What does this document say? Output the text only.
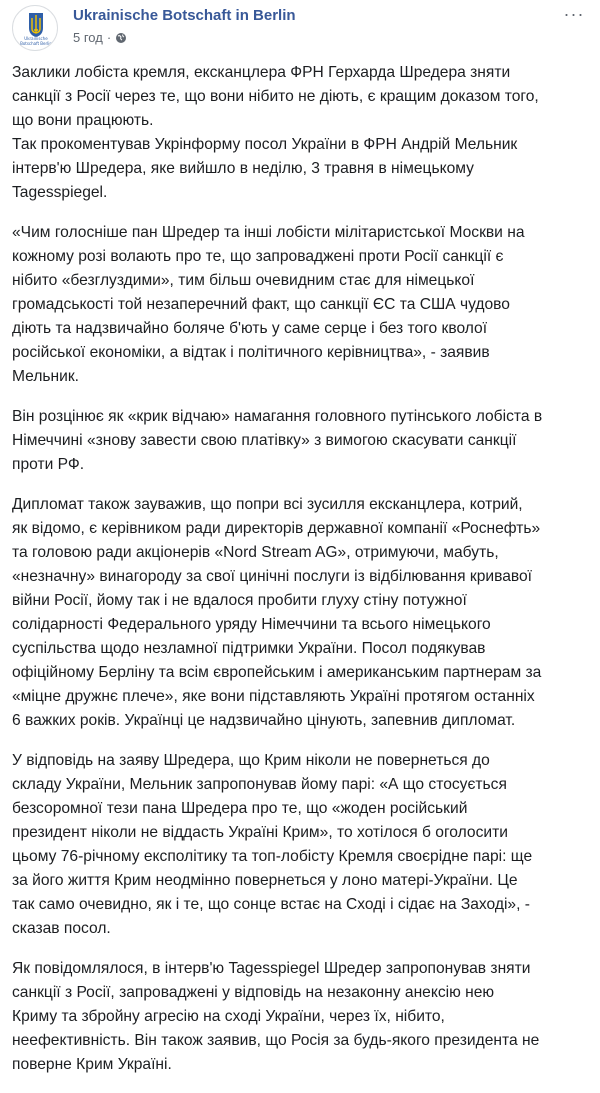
Ukrainische Botschaft Berlin
Ukrainische Botschaft in Berlin
5 год ·
···

Заклики лобіста кремля, ексканцлера ФРН Герхарда Шредера зняти
санкції з Росії через те, що вони нібито не діють, є кращим доказом того,
що вони працюють.
Так прокоментував Укрінформу посол України в ФРН Андрій Мельник
інтерв'ю Шредера, яке вийшло в неділю, 3 травня в німецькому
Tagesspiegel.

«Чим голосніше пан Шредер та інші лобісти мілітаристської Москви на
кожному розі волають про те, що запроваджені проти Росії санкції є
нібито «безглуздими», тим більш очевидним стає для німецької
громадськості той незаперечний факт, що санкції ЄС та США чудово
діють та надзвичайно боляче б'ють у саме серце і без того кволої
російської економіки, а відтак і політичного керівництва», - заявив
Мельник.

Він розцінює як «крик відчаю» намагання головного путінського лобіста в
Німеччині «знову завести свою платівку» з вимогою скасувати санкції
проти РФ.

Дипломат також зауважив, що попри всі зусилля ексканцлера, котрий,
як відомо, є керівником ради директорів державної компанії «Роснефть»
та головою ради акціонерів «Nord Stream AG», отримуючи, мабуть,
«незначну» винагороду за свої цинічні послуги із відбілювання кривавої
війни Росії, йому так і не вдалося пробити глуху стіну потужної
солідарності Федерального уряду Німеччини та всього німецького
суспільства щодо незламної підтримки України. Посол подякував
офіційному Берліну та всім європейським і американським партнерам за
«міцне дружнє плече», яке вони підставляють Україні протягом останніх
6 важких років. Українці це надзвичайно цінують, запевнив дипломат.

У відповідь на заяву Шредера, що Крим ніколи не повернеться до
складу України, Мельник запропонував йому парі: «А що стосується
безсоромної тези пана Шредера про те, що «жоден російський
президент ніколи не віддасть Україні Крим», то хотілося б оголосити
цьому 76-річному експолітику та топ-лобісту Кремля своєрідне парі: ще
за його життя Крим неодмінно повернеться у лоно матері-України. Це
так само очевидно, як і те, що сонце встає на Сході і сідає на Заході», -
сказав посол.

Як повідомлялося, в інтерв'ю Tagesspiegel Шредер запропонував зняти
санкції з Росії, запроваджені у відповідь на незаконну анексію нею
Криму та збройну агресію на сході України, через їх, нібито,
неефективність. Він також заявив, що Росія за будь-якого президента не
поверне Крим Україні.
